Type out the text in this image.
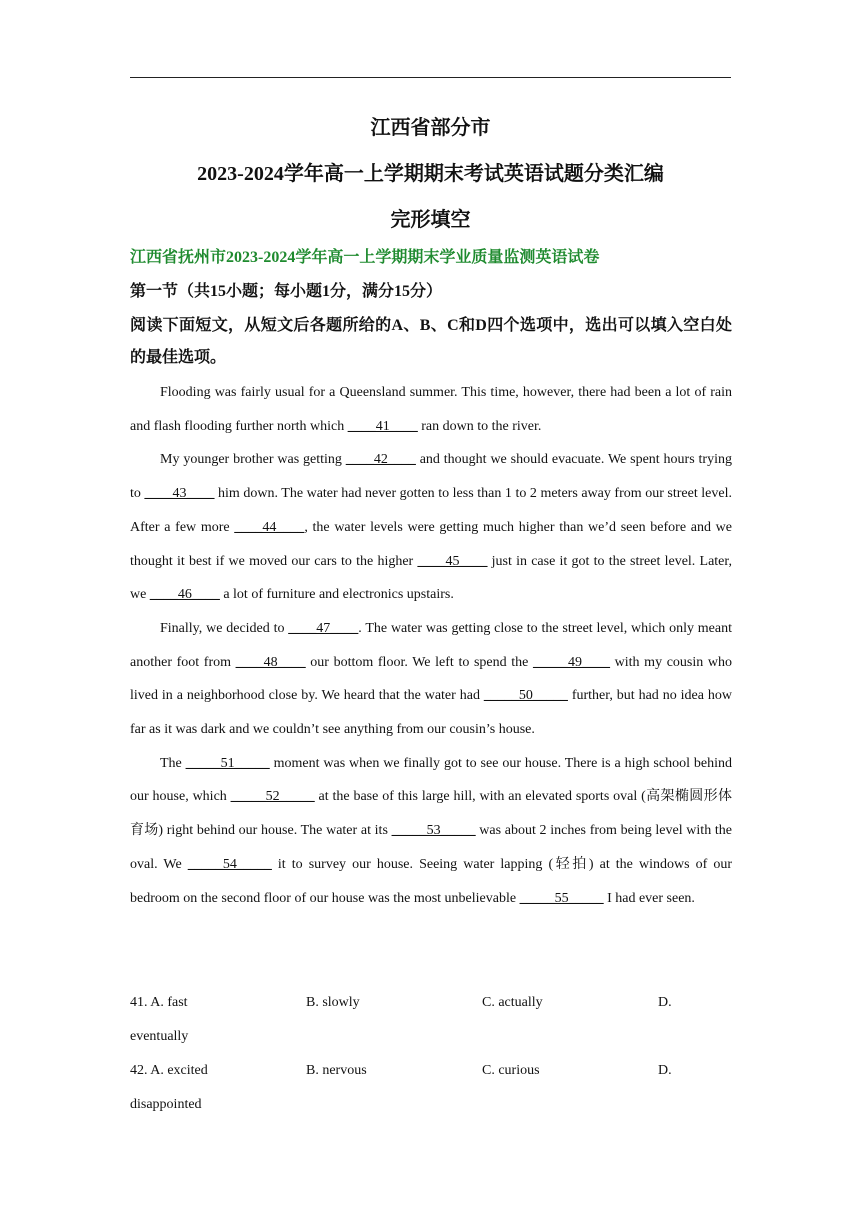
江西省部分市
2023-2024学年高一上学期期末考试英语试题分类汇编
完形填空
江西省抚州市2023-2024学年高一上学期期末学业质量监测英语试卷
第一节（共15小题；每小题1分，满分15分）
阅读下面短文，从短文后各题所给的A、B、C和D四个选项中，选出可以填入空白处的最佳选项。

Flooding was fairly usual for a Queensland summer. This time, however, there had been a lot of rain and flash flooding further north which ____41____ ran down to the river.

My younger brother was getting ____42____ and thought we should evacuate. We spent hours trying to ____43____ him down. The water had never gotten to less than 1 to 2 meters away from our street level. After a few more ____44____, the water levels were getting much higher than we’d seen before and we thought it best if we moved our cars to the higher ____45____ just in case it got to the street level. Later, we ____46____ a lot of furniture and electronics upstairs.

Finally, we decided to ____47____. The water was getting close to the street level, which only meant another foot from ____48____ our bottom floor. We left to spend the _____49____ with my cousin who lived in a neighborhood close by. We heard that the water had _____50_____ further, but had no idea how far as it was dark and we couldn’t see anything from our cousin’s house.

The _____51_____ moment was when we finally got to see our house. There is a high school behind our house, which _____52_____ at the base of this large hill, with an elevated sports oval (高架椭圆形体育场) right behind our house. The water at its _____53_____ was about 2 inches from being level with the oval. We _____54_____ it to survey our house. Seeing water lapping (轻拍) at the windows of our bedroom on the second floor of our house was the most unbelievable _____55_____ I had ever seen.

41. A. fast	B. slowly	C. actually	D.
eventually
42. A. excited	B. nervous	C. curious	D.
disappointed
